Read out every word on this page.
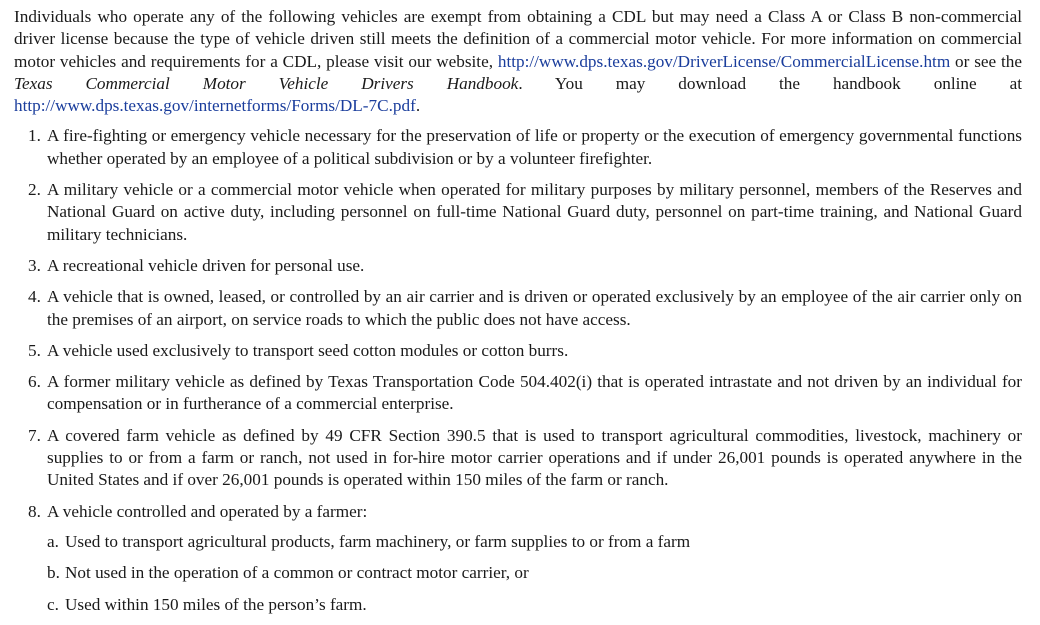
Individuals who operate any of the following vehicles are exempt from obtaining a CDL but may need a Class A or Class B non-commercial driver license because the type of vehicle driven still meets the definition of a commercial motor vehicle. For more information on commercial motor vehicles and requirements for a CDL, please visit our website, http://www.dps.texas.gov/DriverLicense/CommercialLicense.htm or see the Texas Commercial Motor Vehicle Drivers Handbook. You may download the handbook online at http://www.dps.texas.gov/internetforms/Forms/DL-7C.pdf.

1. A fire-fighting or emergency vehicle necessary for the preservation of life or property or the execution of emergency governmental functions whether operated by an employee of a political subdivision or by a volunteer firefighter.
2. A military vehicle or a commercial motor vehicle when operated for military purposes by military personnel, members of the Reserves and National Guard on active duty, including personnel on full-time National Guard duty, personnel on part-time training, and National Guard military technicians.
3. A recreational vehicle driven for personal use.
4. A vehicle that is owned, leased, or controlled by an air carrier and is driven or operated exclusively by an employee of the air carrier only on the premises of an airport, on service roads to which the public does not have access.
5. A vehicle used exclusively to transport seed cotton modules or cotton burrs.
6. A former military vehicle as defined by Texas Transportation Code 504.402(i) that is operated intrastate and not driven by an individual for compensation or in furtherance of a commercial enterprise.
7. A covered farm vehicle as defined by 49 CFR Section 390.5 that is used to transport agricultural commodities, livestock, machinery or supplies to or from a farm or ranch, not used in for-hire motor carrier operations and if under 26,001 pounds is operated anywhere in the United States and if over 26,001 pounds is operated within 150 miles of the farm or ranch.
8. A vehicle controlled and operated by a farmer:
a. Used to transport agricultural products, farm machinery, or farm supplies to or from a farm
b. Not used in the operation of a common or contract motor carrier, or
c. Used within 150 miles of the person’s farm.
